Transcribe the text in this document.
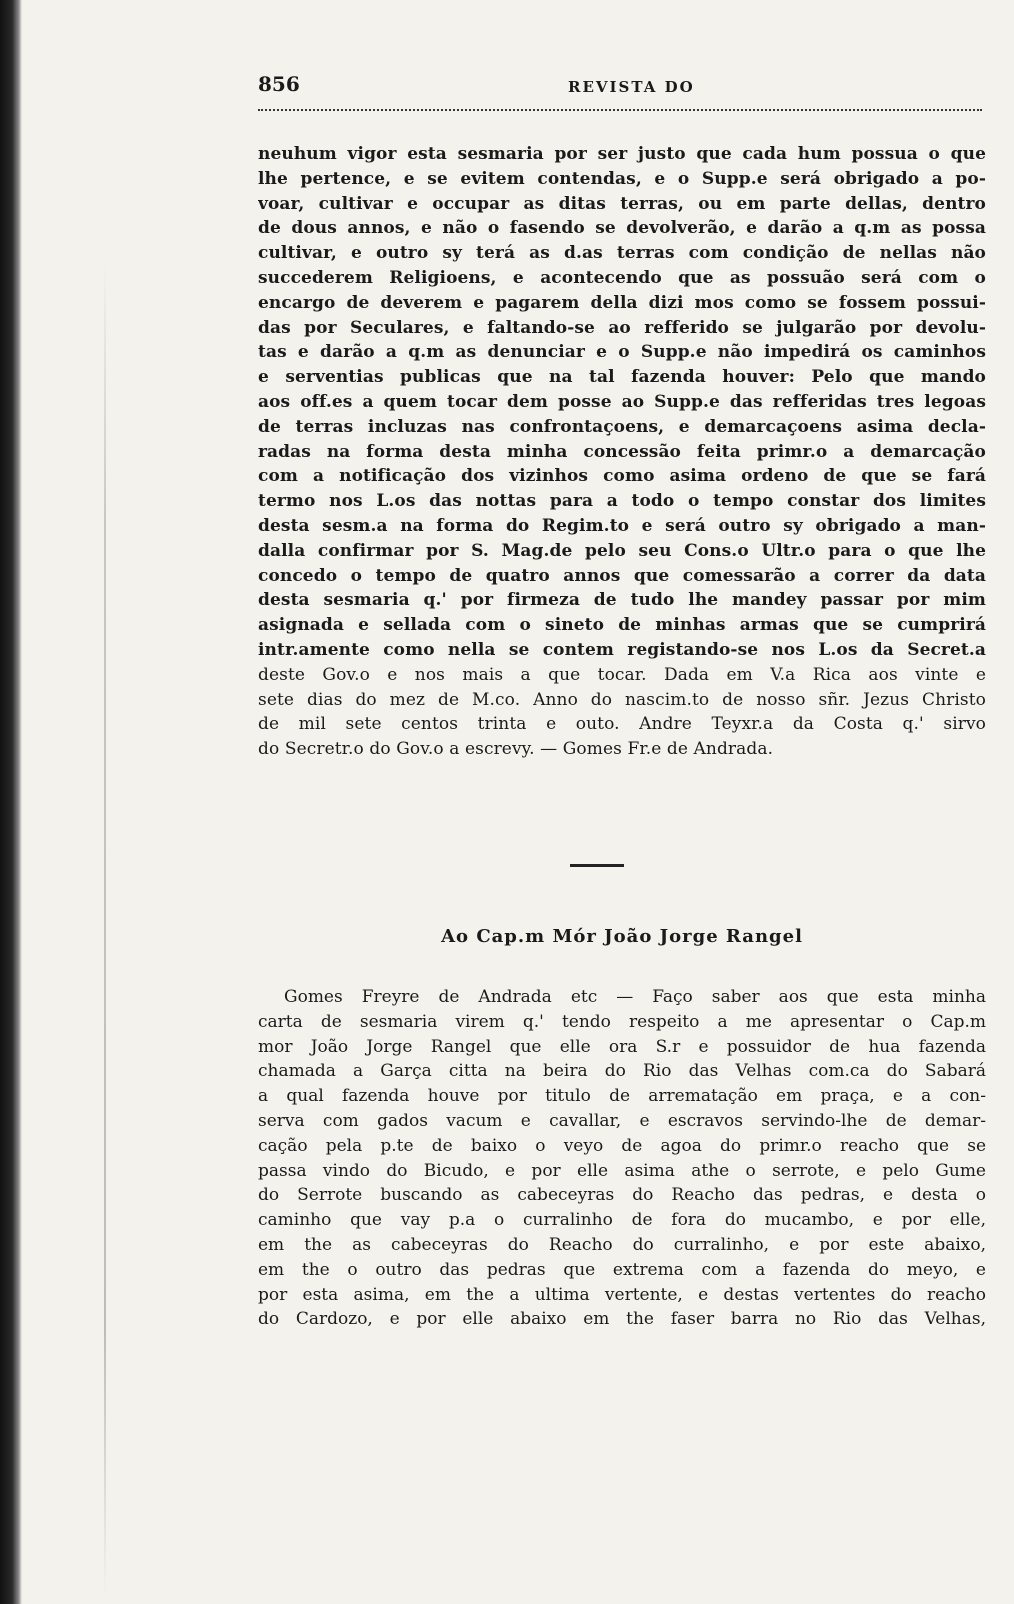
856	REVISTA DO
neuhum vigor esta sesmaria por ser justo que cada hum possua o que
lhe pertence, e se evitem contendas, e o Supp.e será obrigado a po-
voar, cultivar e occupar as ditas terras, ou em parte dellas, dentro
de dous annos, e não o fasendo se devolverão, e darão a q.m as possa
cultivar, e outro sy terá as d.as terras com condição de nellas não
succederem Religioens, e acontecendo que as possuão será com o
encargo de deverem e pagarem della dizi mos como se fossem possui-
das por Seculares, e faltando-se ao refferido se julgarão por devolu-
tas e darão a q.m as denunciar e o Supp.e não impedirá os caminhos
e serventias publicas que na tal fazenda houver: Pelo que mando
aos off.es a quem tocar dem posse ao Supp.e das refferidas tres legoas
de terras incluzas nas confrontaçoens, e demarcaçoens asima decla-
radas na forma desta minha concessão feita primr.o a demarcação
com a notificação dos vizinhos como asima ordeno de que se fará
termo nos L.os das nottas para a todo o tempo constar dos limites
desta sesm.a na forma do Regim.to e será outro sy obrigado a man-
dalla confirmar por S. Mag.de pelo seu Cons.o Ultr.o para o que lhe
concedo o tempo de quatro annos que comessarão a correr da data
desta sesmaria q.' por firmeza de tudo lhe mandey passar por mim
asignada e sellada com o sineto de minhas armas que se cumprirá
intr.amente como nella se contem registando-se nos L.os da Secret.a
deste Gov.o e nos mais a que tocar. Dada em V.a Rica aos vinte e
sete dias do mez de M.co. Anno do nascim.to de nosso sñr. Jezus Christo
de mil sete centos trinta e outo. Andre Teyxr.a da Costa q.' sirvo
do Secretr.o do Gov.o a escrevy. — Gomes Fr.e de Andrada.
Ao Cap.m Mór João Jorge Rangel
Gomes Freyre de Andrada etc — Faço saber aos que esta minha
carta de sesmaria virem q.' tendo respeito a me apresentar o Cap.m
mor João Jorge Rangel que elle ora S.r e possuidor de hua fazenda
chamada a Garça citta na beira do Rio das Velhas com.ca do Sabará
a qual fazenda houve por titulo de arrematação em praça, e a con-
serva com gados vacum e cavallar, e escravos servindo-lhe de demar-
cação pela p.te de baixo o veyo de agoa do primr.o reacho que se
passa vindo do Bicudo, e por elle asima athe o serrote, e pelo Gume
do Serrote buscando as cabeceyras do Reacho das pedras, e desta o
caminho que vay p.a o curralinho de fora do mucambo, e por elle,
em the as cabeceyras do Reacho do curralinho, e por este abaixo,
em the o outro das pedras que extrema com a fazenda do meyo, e
por esta asima, em the a ultima vertente, e destas vertentes do reacho
do Cardozo, e por elle abaixo em the faser barra no Rio das Velhas,
